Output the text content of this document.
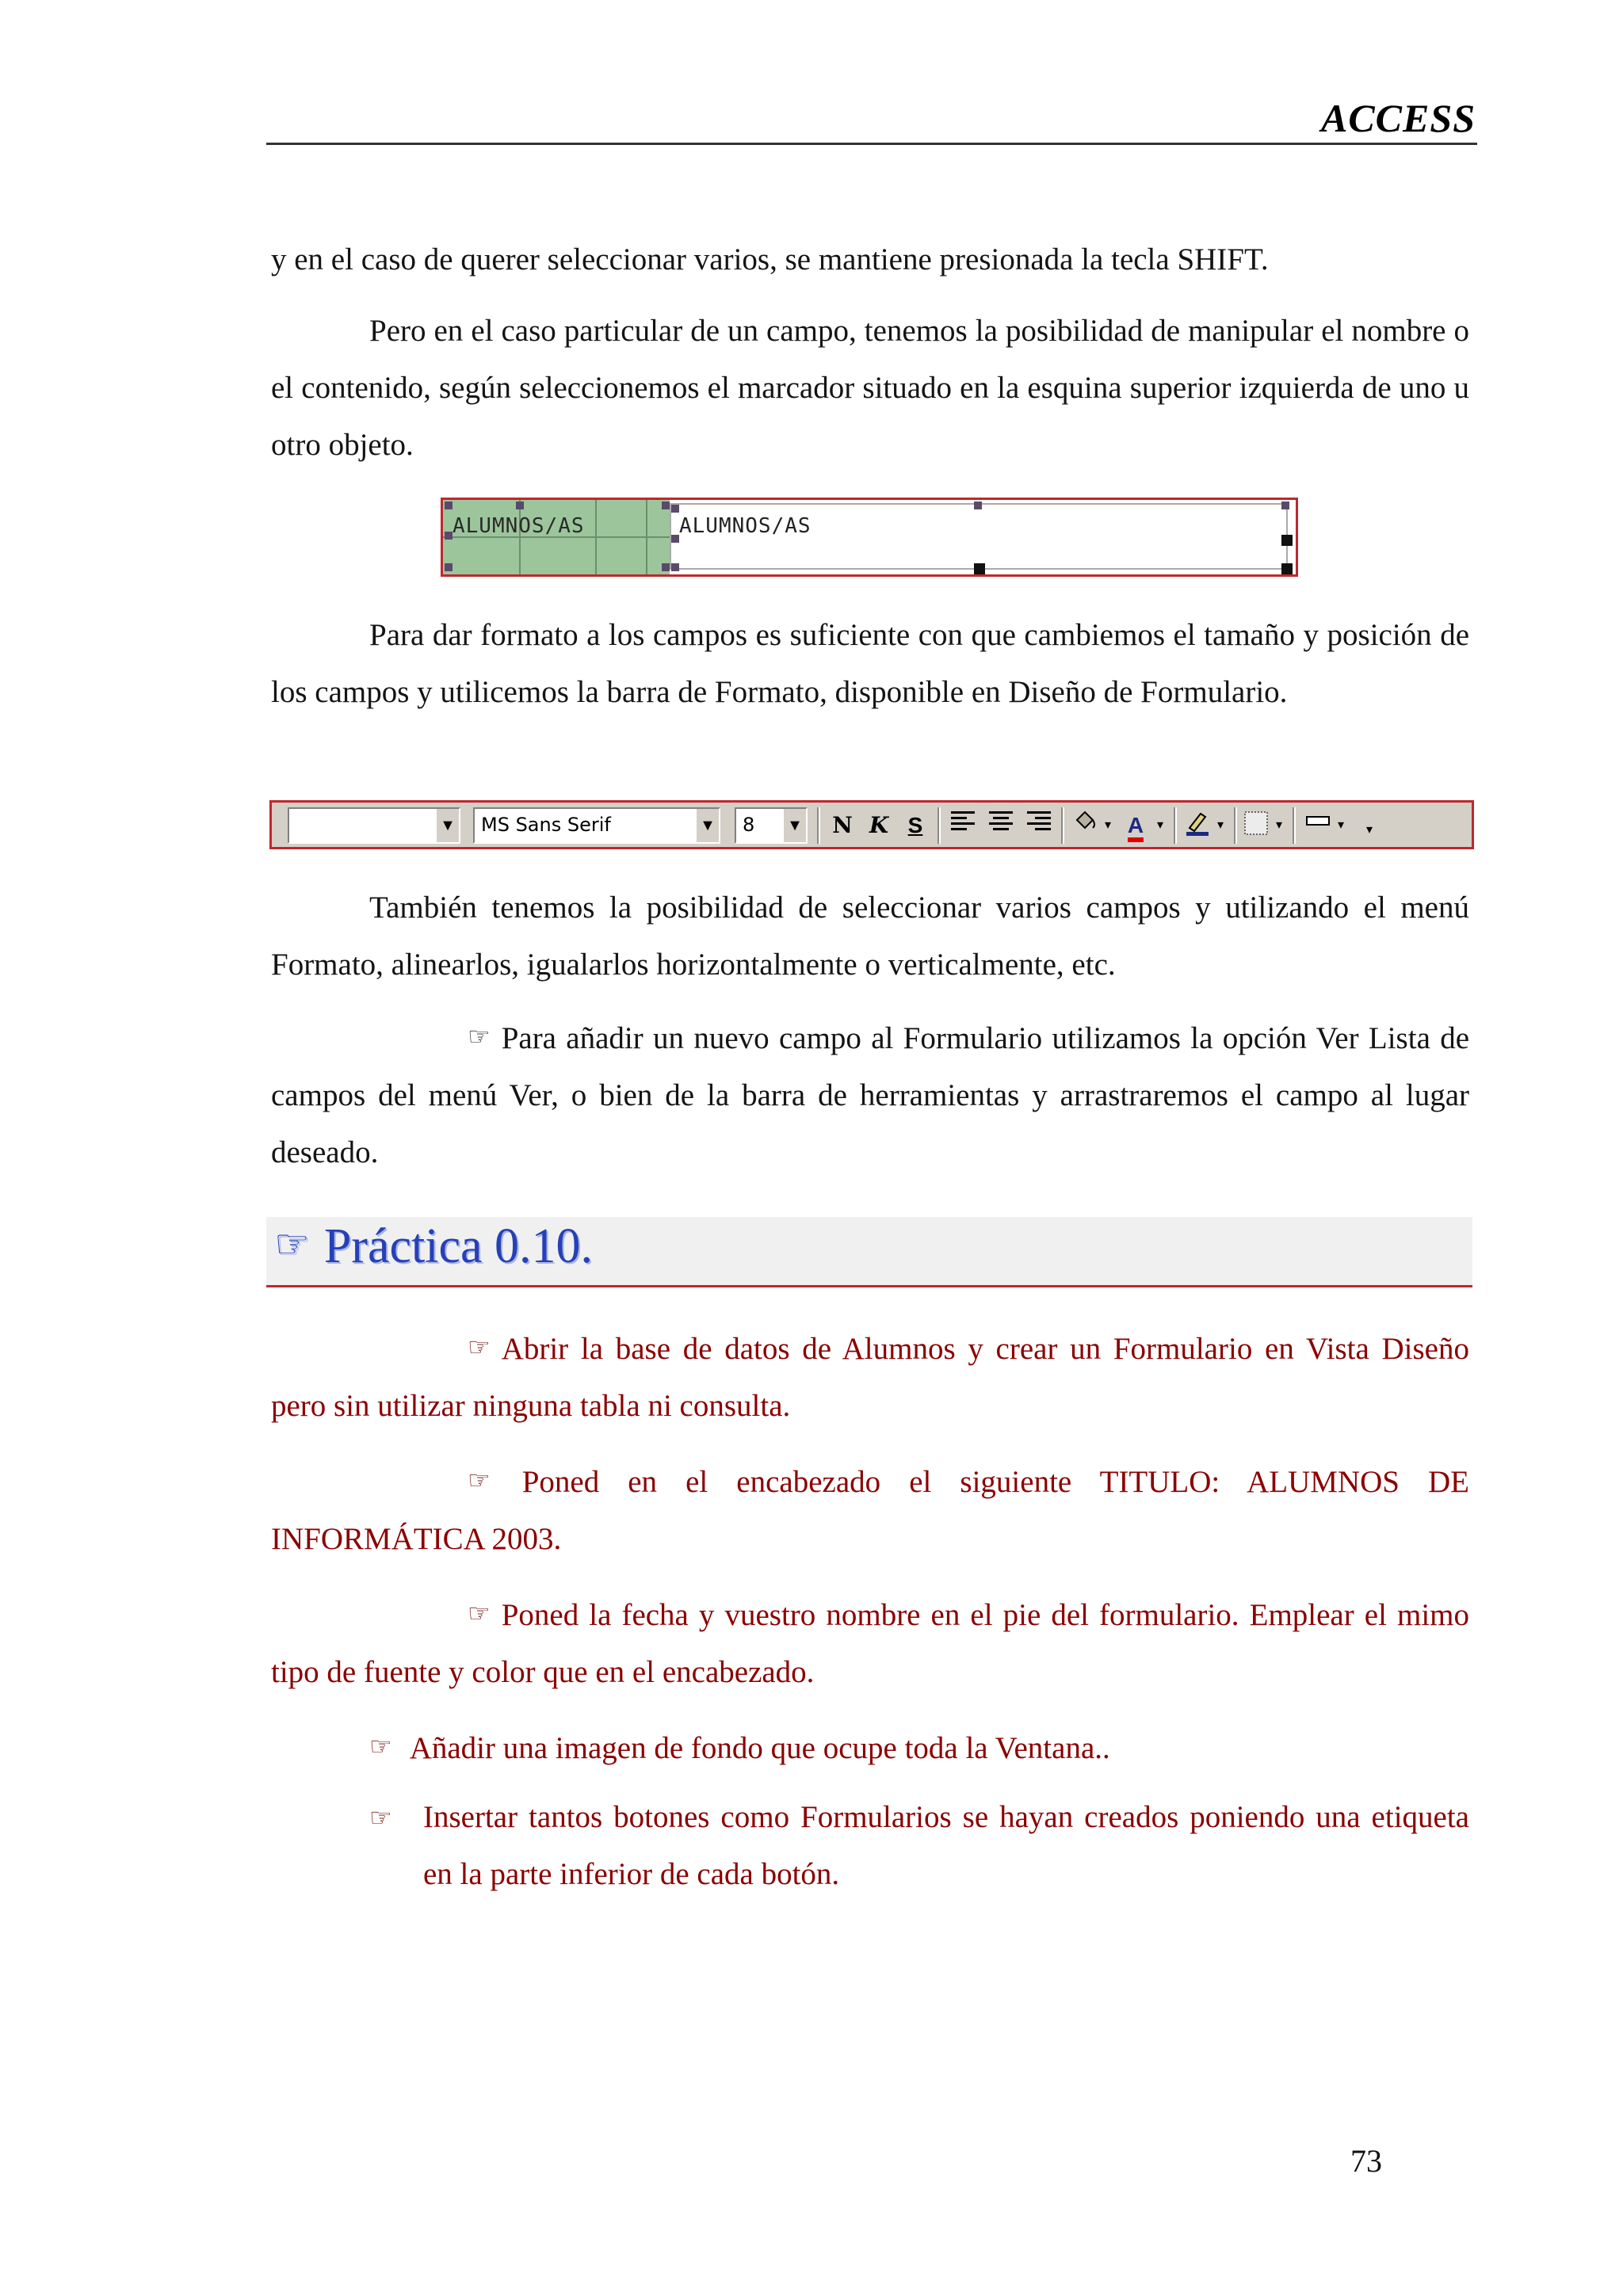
ACCESS
y en el caso de querer seleccionar varios, se mantiene presionada la tecla SHIFT.
Pero en el caso particular de un campo, tenemos la posibilidad de manipular el nombre o el contenido, según seleccionemos el marcador situado en la esquina superior izquierda de uno u otro objeto.
ALUMNOS/AS	ALUMNOS/AS
Para dar formato a los campos es suficiente con que cambiemos el tamaño y posición de los campos y utilicemos la barra de Formato, disponible en Diseño de Formulario.
▼ MS Sans Serif	▼ 8	▼ N K S	▾ A	▾	▾	▾	▾	▾
También tenemos la posibilidad de seleccionar varios campos y utilizando el menú Formato, alinearlos, igualarlos horizontalmente o verticalmente, etc.
☞ Para añadir un nuevo campo al Formulario utilizamos la opción Ver Lista de campos del menú Ver, o bien de la barra de herramientas y arrastraremos el campo al lugar deseado.
☞ Práctica 0.10.
☞ Abrir la base de datos de Alumnos y crear un Formulario en Vista Diseño pero sin utilizar ninguna tabla ni consulta.
☞ Poned en el encabezado el siguiente TITULO: ALUMNOS DE INFORMÁTICA 2003.
☞ Poned la fecha y vuestro nombre en el pie del formulario. Emplear el mimo tipo de fuente y color que en el encabezado.
☞ Añadir una imagen de fondo que ocupe toda la Ventana..
☞ Insertar tantos botones como Formularios se hayan creados poniendo una etiqueta en la parte inferior de cada botón.
73
